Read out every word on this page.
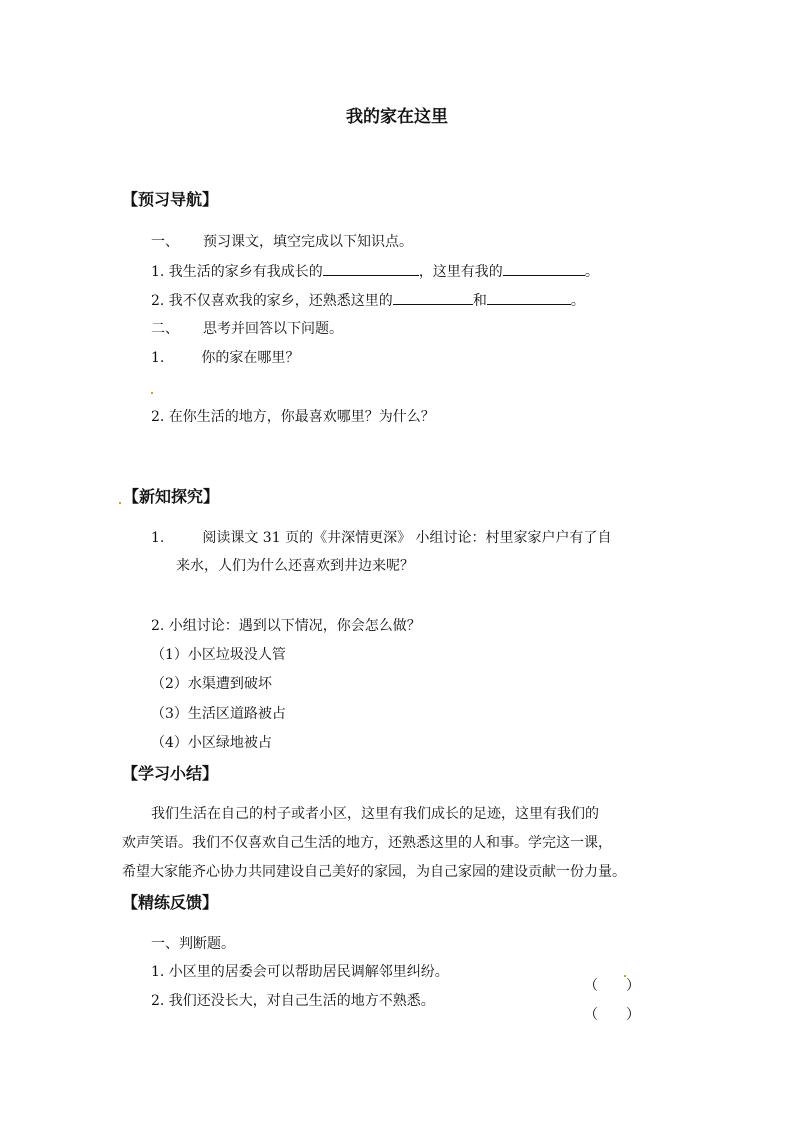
我的家在这里

【预习导航】

一、 预习课文，填空完成以下知识点。

1. 我生活的家乡有我成长的	，这里有我的	。

2. 我不仅喜欢我的家乡，还熟悉这里的	和	。

二、 思考并回答以下问题。

1.	你的家在哪里？

2. 在你生活的地方，你最喜欢哪里？为什么？

【新知探究】

1.	阅读课文 31 页的《井深情更深》 小组讨论：村里家家户户有了自

来水，人们为什么还喜欢到井边来呢？

2. 小组讨论：遇到以下情况，你会怎么做？

（1）小区垃圾没人管

（2）水渠遭到破坏

（3）生活区道路被占

（4）小区绿地被占

【学习小结】

我们生活在自己的村子或者小区，这里有我们成长的足迹，这里有我们的

欢声笑语。我们不仅喜欢自己生活的地方，还熟悉这里的人和事。学完这一课，

希望大家能齐心协力共同建设自己美好的家园，为自己家园的建设贡献一份力量。

【精练反馈】

一、判断题。

1. 小区里的居委会可以帮助居民调解邻里纠纷。

（　　）

2. 我们还没长大，对自己生活的地方不熟悉。

（　　）
